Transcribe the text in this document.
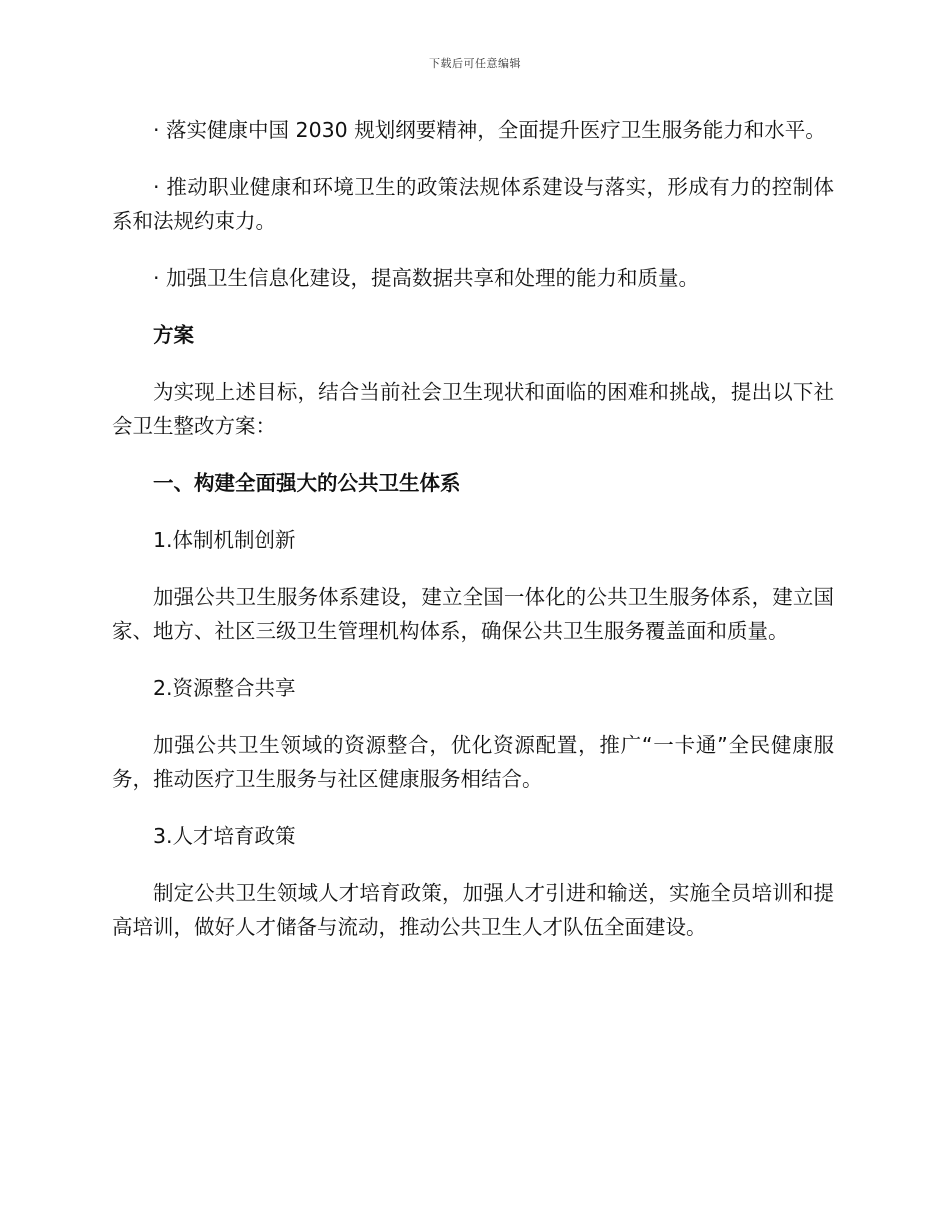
下载后可任意编辑

· 落实健康中国 2030 规划纲要精神，全面提升医疗卫生服务能力和水平。

· 推动职业健康和环境卫生的政策法规体系建设与落实，形成有力的控制体系和法规约束力。

· 加强卫生信息化建设，提高数据共享和处理的能力和质量。

方案

为实现上述目标，结合当前社会卫生现状和面临的困难和挑战，提出以下社会卫生整改方案：

一、构建全面强大的公共卫生体系

1.体制机制创新

加强公共卫生服务体系建设，建立全国一体化的公共卫生服务体系，建立国家、地方、社区三级卫生管理机构体系，确保公共卫生服务覆盖面和质量。

2.资源整合共享

加强公共卫生领域的资源整合，优化资源配置，推广“一卡通”全民健康服务，推动医疗卫生服务与社区健康服务相结合。

3.人才培育政策

制定公共卫生领域人才培育政策，加强人才引进和输送，实施全员培训和提高培训，做好人才储备与流动，推动公共卫生人才队伍全面建设。
